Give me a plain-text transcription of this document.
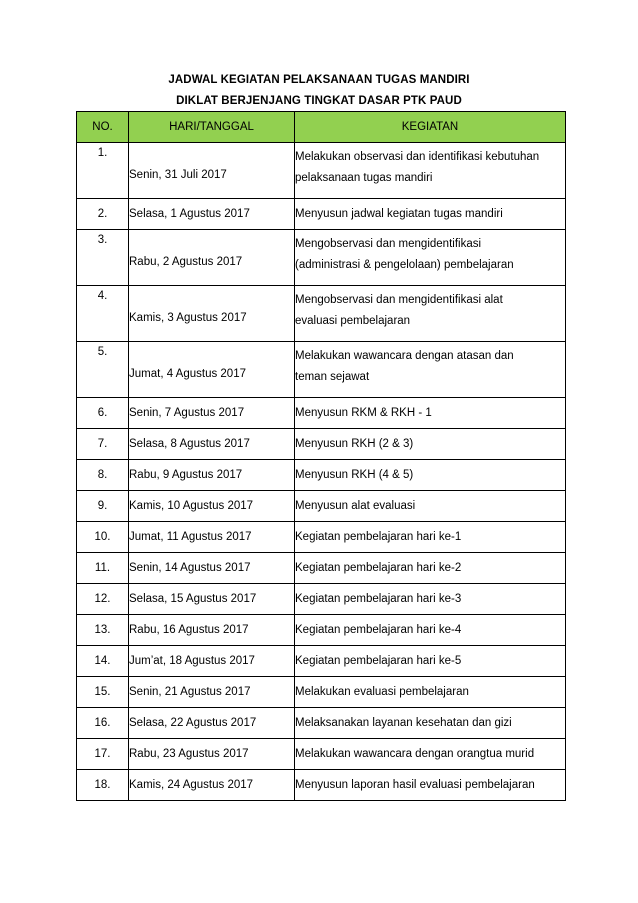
JADWAL KEGIATAN PELAKSANAAN TUGAS MANDIRI
DIKLAT BERJENJANG TINGKAT DASAR PTK PAUD
NO.	HARI/TANGGAL	KEGIATAN
1.	Senin, 31 Juli 2017	Melakukan observasi dan identifikasi kebutuhan
pelaksanaan tugas mandiri

2.	Selasa, 1 Agustus 2017	Menyusun jadwal kegiatan tugas mandiri

3.	Rabu, 2 Agustus 2017	Mengobservasi dan mengidentifikasi
(administrasi & pengelolaan) pembelajaran

4.	Kamis, 3 Agustus 2017	Mengobservasi dan mengidentifikasi alat
evaluasi pembelajaran

5.	Jumat, 4 Agustus 2017	Melakukan wawancara dengan atasan dan
teman sejawat

6.	Senin, 7 Agustus 2017	Menyusun RKM & RKH - 1

7.	Selasa, 8 Agustus 2017	Menyusun RKH (2 & 3)

8.	Rabu, 9 Agustus 2017	Menyusun RKH (4 & 5)

9.	Kamis, 10 Agustus 2017	Menyusun alat evaluasi

10.	Jumat, 11 Agustus 2017	Kegiatan pembelajaran hari ke-1

11.	Senin, 14 Agustus 2017	Kegiatan pembelajaran hari ke-2

12.	Selasa, 15 Agustus 2017	Kegiatan pembelajaran hari ke-3

13.	Rabu, 16 Agustus 2017	Kegiatan pembelajaran hari ke-4

14.	Jum’at, 18 Agustus 2017	Kegiatan pembelajaran hari ke-5

15.	Senin, 21 Agustus 2017	Melakukan evaluasi pembelajaran

16.	Selasa, 22 Agustus 2017	Melaksanakan layanan kesehatan dan gizi

17.	Rabu, 23 Agustus 2017	Melakukan wawancara dengan orangtua murid

18.	Kamis, 24 Agustus 2017	Menyusun laporan hasil evaluasi pembelajaran
